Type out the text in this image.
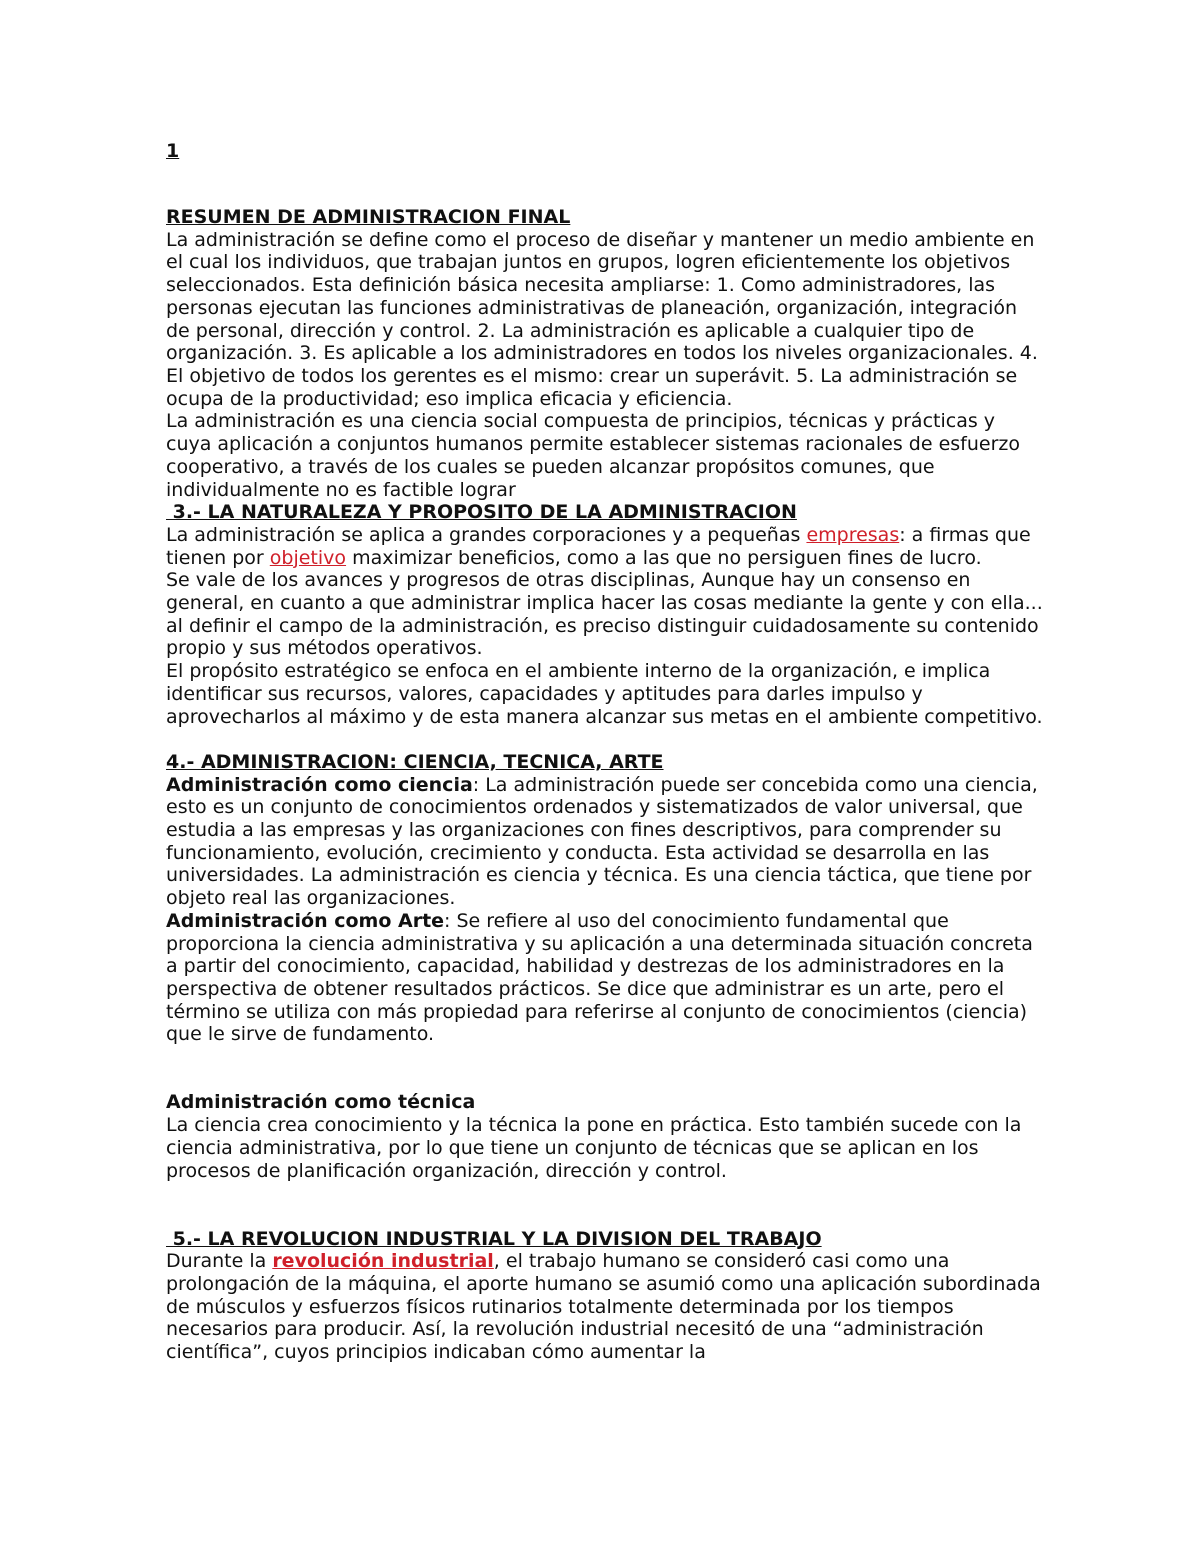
1
RESUMEN DE ADMINISTRACION FINAL

La administración se define como el proceso de diseñar y mantener un medio ambiente en el cual los individuos, que trabajan juntos en grupos, logren eficientemente los objetivos seleccionados. Esta definición básica necesita ampliarse: 1. Como administradores, las personas ejecutan las funciones administrativas de planeación, organización, integración de personal, dirección y control. 2. La administración es aplicable a cualquier tipo de organización. 3. Es aplicable a los administradores en todos los niveles organizacionales. 4. El objetivo de todos los gerentes es el mismo: crear un superávit. 5. La administración se ocupa de la productividad; eso implica eficacia y eficiencia.

La administración es una ciencia social compuesta de principios, técnicas y prácticas y cuya aplicación a conjuntos humanos permite establecer sistemas racionales de esfuerzo cooperativo, a través de los cuales se pueden alcanzar propósitos comunes, que individualmente no es factible lograr

3.- LA NATURALEZA Y PROPOSITO DE LA ADMINISTRACION

La administración se aplica a grandes corporaciones y a pequeñas empresas: a firmas que tienen por objetivo maximizar beneficios, como a las que no persiguen fines de lucro.

Se vale de los avances y progresos de otras disciplinas, Aunque hay un consenso en general, en cuanto a que administrar implica hacer las cosas mediante la gente y con ella... al definir el campo de la administración, es preciso distinguir cuidadosamente su contenido propio y sus métodos operativos.

El propósito estratégico se enfoca en el ambiente interno de la organización, e implica identificar sus recursos, valores, capacidades y aptitudes para darles impulso y aprovecharlos al máximo y de esta manera alcanzar sus metas en el ambiente competitivo.

4.- ADMINISTRACION: CIENCIA, TECNICA, ARTE

Administración como ciencia: La administración puede ser concebida como una ciencia, esto es un conjunto de conocimientos ordenados y sistematizados de valor universal, que estudia a las empresas y las organizaciones con fines descriptivos, para comprender su funcionamiento, evolución, crecimiento y conducta. Esta actividad se desarrolla en las universidades. La administración es ciencia y técnica. Es una ciencia táctica, que tiene por objeto real las organizaciones.

Administración como Arte: Se refiere al uso del conocimiento fundamental que proporciona la ciencia administrativa y su aplicación a una determinada situación concreta a partir del conocimiento, capacidad, habilidad y destrezas de los administradores en la perspectiva de obtener resultados prácticos. Se dice que administrar es un arte, pero el término se utiliza con más propiedad para referirse al conjunto de conocimientos (ciencia) que le sirve de fundamento.

Administración como técnica

La ciencia crea conocimiento y la técnica la pone en práctica. Esto también sucede con la ciencia administrativa, por lo que tiene un conjunto de técnicas que se aplican en los procesos de planificación organización, dirección y control.

5.- LA REVOLUCION INDUSTRIAL Y LA DIVISION DEL TRABAJO

Durante la revolución industrial, el trabajo humano se consideró casi como una prolongación de la máquina, el aporte humano se asumió como una aplicación subordinada de músculos y esfuerzos físicos rutinarios totalmente determinada por los tiempos necesarios para producir. Así, la revolución industrial necesitó de una “administración científica”, cuyos principios indicaban cómo aumentar la
